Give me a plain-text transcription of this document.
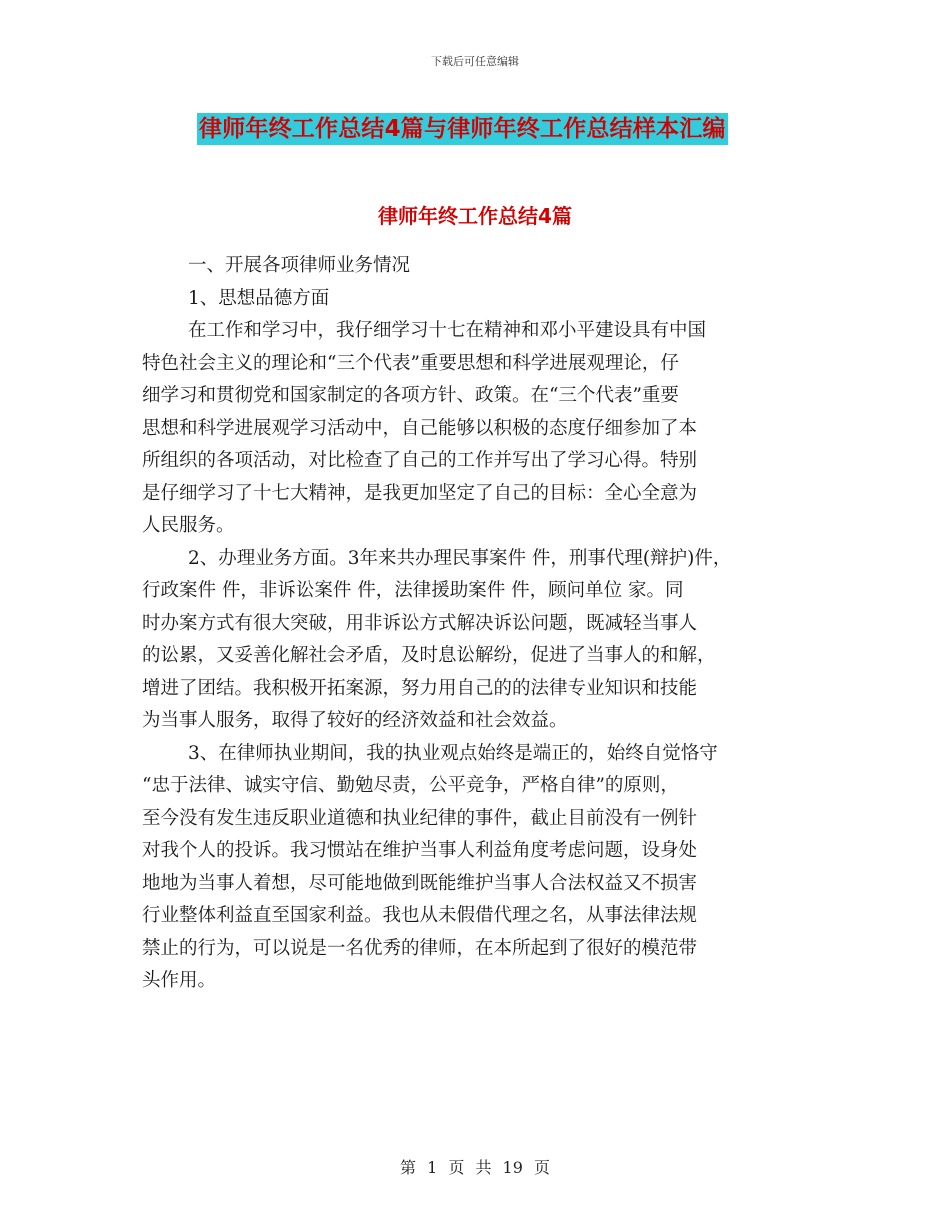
下载后可任意编辑
律师年终工作总结4篇与律师年终工作总结样本汇编
律师年终工作总结4篇
一、开展各项律师业务情况
1、思想品德方面
在工作和学习中，我仔细学习十七在精神和邓小平建设具有中国
特色社会主义的理论和“三个代表”重要思想和科学进展观理论，仔
细学习和贯彻党和国家制定的各项方针、政策。在“三个代表”重要
思想和科学进展观学习活动中，自己能够以积极的态度仔细参加了本
所组织的各项活动，对比检查了自己的工作并写出了学习心得。特别
是仔细学习了十七大精神，是我更加坚定了自己的目标：全心全意为
人民服务。
2、办理业务方面。3年来共办理民事案件 件，刑事代理(辩护)件，
行政案件 件，非诉讼案件 件，法律援助案件 件，顾问单位 家。同
时办案方式有很大突破，用非诉讼方式解决诉讼问题，既减轻当事人
的讼累，又妥善化解社会矛盾，及时息讼解纷，促进了当事人的和解，
增进了团结。我积极开拓案源，努力用自己的的法律专业知识和技能
为当事人服务，取得了较好的经济效益和社会效益。
3、在律师执业期间，我的执业观点始终是端正的，始终自觉恪守
“忠于法律、诚实守信、勤勉尽责，公平竞争，严格自律”的原则，
至今没有发生违反职业道德和执业纪律的事件，截止目前没有一例针
对我个人的投诉。我习惯站在维护当事人利益角度考虑问题，设身处
地地为当事人着想，尽可能地做到既能维护当事人合法权益又不损害
行业整体利益直至国家利益。我也从未假借代理之名，从事法律法规
禁止的行为，可以说是一名优秀的律师，在本所起到了很好的模范带
头作用。
第 1 页 共 19 页
